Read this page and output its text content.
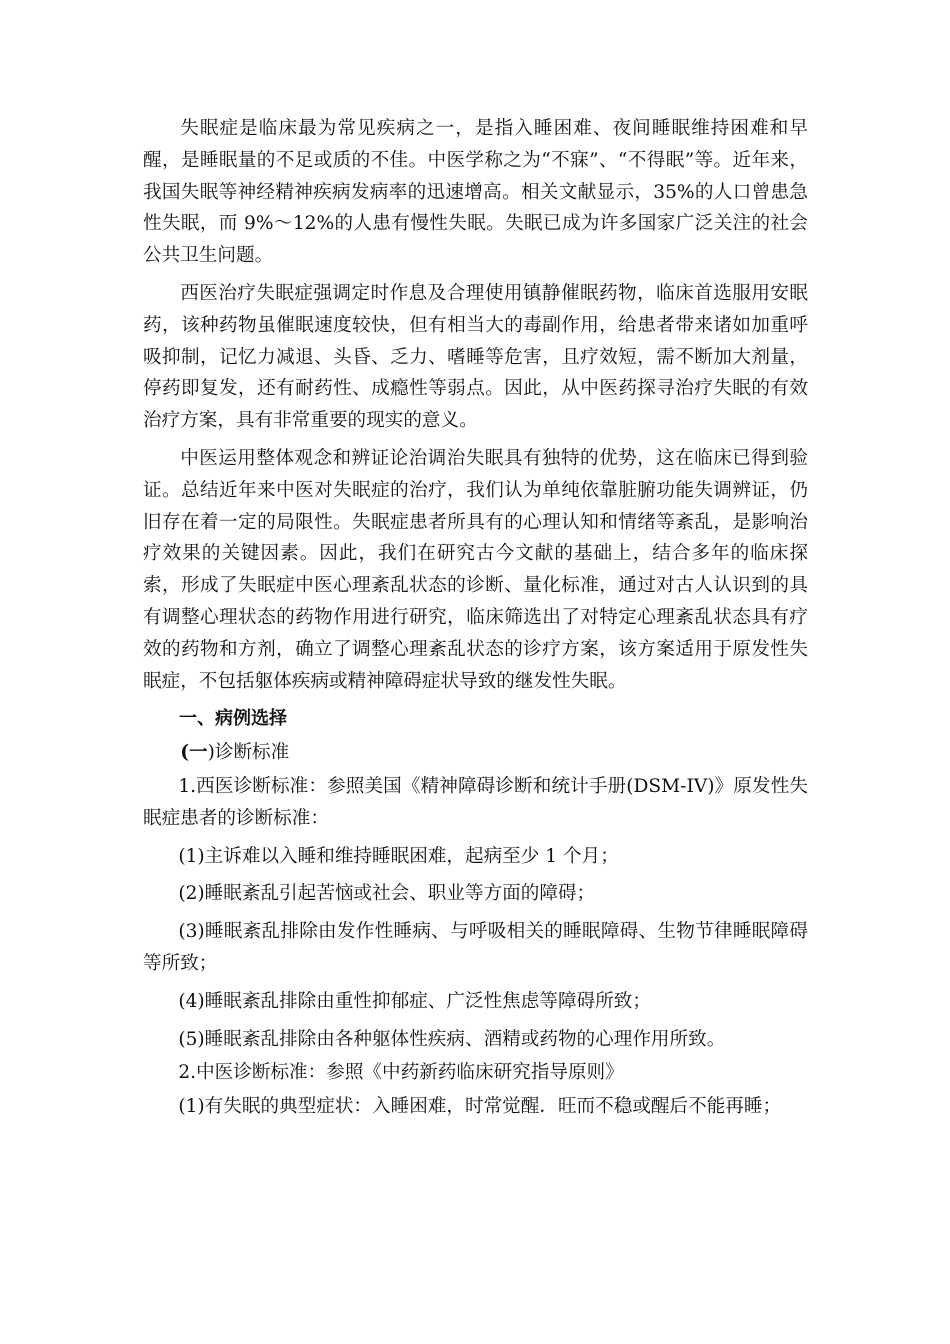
失眠症是临床最为常见疾病之一，是指入睡困难、夜间睡眠维持困难和早醒，是睡眠量的不足或质的不佳。中医学称之为“不寐”、“不得眠”等。近年来，我国失眠等神经精神疾病发病率的迅速增高。相关文献显示，35%的人口曾患急性失眠，而 9%～12%的人患有慢性失眠。失眠已成为许多国家广泛关注的社会公共卫生问题。

西医治疗失眠症强调定时作息及合理使用镇静催眠药物，临床首选服用安眠药，该种药物虽催眠速度较快，但有相当大的毒副作用，给患者带来诸如加重呼吸抑制，记忆力减退、头昏、乏力、嗜睡等危害，且疗效短，需不断加大剂量，停药即复发，还有耐药性、成瘾性等弱点。因此，从中医药探寻治疗失眠的有效治疗方案，具有非常重要的现实的意义。

中医运用整体观念和辨证论治调治失眠具有独特的优势，这在临床已得到验证。总结近年来中医对失眠症的治疗，我们认为单纯依靠脏腑功能失调辨证，仍旧存在着一定的局限性。失眠症患者所具有的心理认知和情绪等紊乱，是影响治疗效果的关键因素。因此，我们在研究古今文献的基础上，结合多年的临床探索，形成了失眠症中医心理紊乱状态的诊断、量化标准，通过对古人认识到的具有调整心理状态的药物作用进行研究，临床筛选出了对特定心理紊乱状态具有疗效的药物和方剂，确立了调整心理紊乱状态的诊疗方案，该方案适用于原发性失眠症，不包括躯体疾病或精神障碍症状导致的继发性失眠。

一、病例选择

(一)诊断标准

1.西医诊断标准：参照美国《精神障碍诊断和统计手册(DSM-IV)》原发性失眠症患者的诊断标准：

(1)主诉难以入睡和维持睡眠困难，起病至少 1 个月；

(2)睡眠紊乱引起苦恼或社会、职业等方面的障碍；

(3)睡眠紊乱排除由发作性睡病、与呼吸相关的睡眠障碍、生物节律睡眠障碍等所致；

(4)睡眠紊乱排除由重性抑郁症、广泛性焦虑等障碍所致；

(5)睡眠紊乱排除由各种躯体性疾病、酒精或药物的心理作用所致。

2.中医诊断标准：参照《中药新药临床研究指导原则》

(1)有失眠的典型症状：入睡困难，时常觉醒．旺而不稳或醒后不能再睡；
